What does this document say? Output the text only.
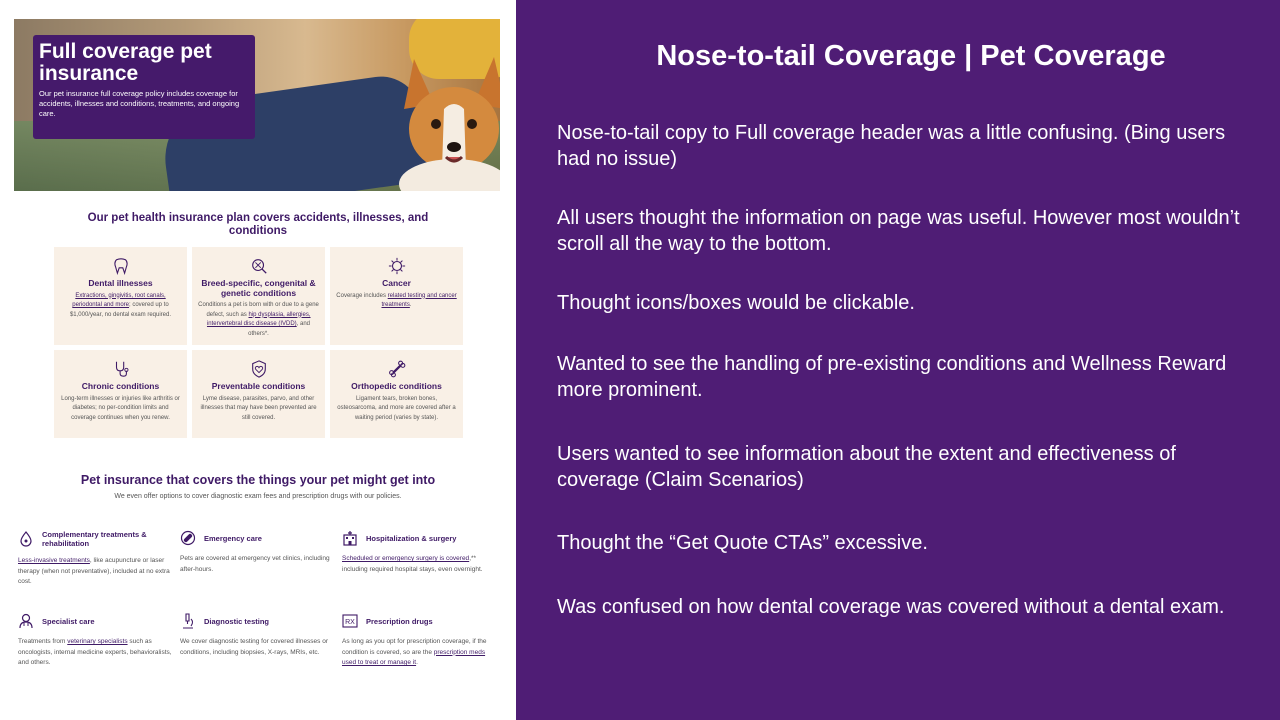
Full coverage pet insurance
Our pet insurance full coverage policy includes coverage for accidents, illnesses and conditions, treatments, and ongoing care.
Our pet health insurance plan covers accidents, illnesses, and conditions
Dental illnesses

Extractions, gingivitis, root canals, periodontal and more; covered up to $1,000/year, no dental exam required.

Breed-specific, congenital & genetic conditions

Conditions a pet is born with or due to a gene defect, such as hip dysplasia, allergies, intervertebral disc disease (IVDD), and others*.

Cancer

Coverage includes related testing and cancer treatments.

Chronic conditions

Long-term illnesses or injuries like arthritis or diabetes; no per-condition limits and coverage continues when you renew.

Preventable conditions

Lyme disease, parasites, parvo, and other illnesses that may have been prevented are still covered.

Orthopedic conditions

Ligament tears, broken bones, osteosarcoma, and more are covered after a waiting period (varies by state).

Pet insurance that covers the things your pet might get into
We even offer options to cover diagnostic exam fees and prescription drugs with our policies.
Complementary treatments & rehabilitation

Less-invasive treatments, like acupuncture or laser therapy (when not preventative), included at no extra cost.

Emergency care

Pets are covered at emergency vet clinics, including after-hours.

Hospitalization & surgery

Scheduled or emergency surgery is covered,** including required hospital stays, even overnight.

Specialist care

Treatments from veterinary specialists such as oncologists, internal medicine experts, behavioralists, and others.

Diagnostic testing

We cover diagnostic testing for covered illnesses or conditions, including biopsies, X-rays, MRIs, etc.

RX Prescription drugs

As long as you opt for prescription coverage, if the condition is covered, so are the prescription meds used to treat or manage it.

Nose-to-tail Coverage | Pet Coverage
Nose-to-tail copy to Full coverage header was a little confusing. (Bing users had no issue)
All users thought the information on page was useful. However most wouldn’t scroll all the way to the bottom.
Thought icons/boxes would be clickable.
Wanted to see the handling of pre-existing conditions and Wellness Reward more prominent.
Users wanted to see information about the extent and effectiveness of coverage (Claim Scenarios)
Thought the “Get Quote CTAs” excessive.
Was confused on how dental coverage was covered without a dental exam.
